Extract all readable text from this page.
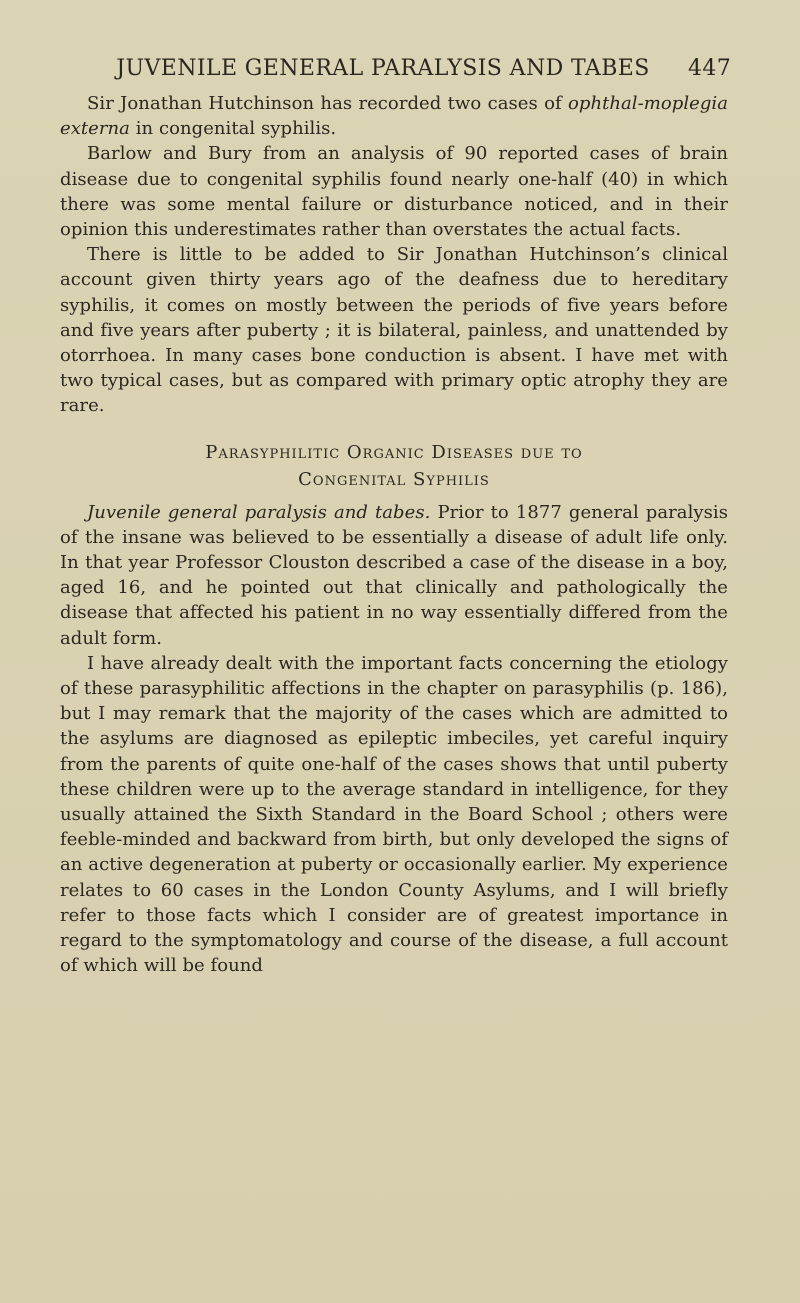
JUVENILE GENERAL PARALYSIS AND TABES	447

Sir Jonathan Hutchinson has recorded two cases of ophthal-moplegia externa in congenital syphilis.

Barlow and Bury from an analysis of 90 reported cases of brain disease due to congenital syphilis found nearly one-half (40) in which there was some mental failure or disturbance noticed, and in their opinion this underestimates rather than overstates the actual facts.

There is little to be added to Sir Jonathan Hutchinson’s clinical account given thirty years ago of the deafness due to hereditary syphilis, it comes on mostly between the periods of five years before and five years after puberty ; it is bilateral, painless, and unattended by otorrhoea. In many cases bone conduction is absent. I have met with two typical cases, but as compared with primary optic atrophy they are rare.

Parasyphilitic Organic Diseases due to
Congenital Syphilis

Juvenile general paralysis and tabes. Prior to 1877 general paralysis of the insane was believed to be essentially a disease of adult life only. In that year Professor Clouston described a case of the disease in a boy, aged 16, and he pointed out that clinically and pathologically the disease that affected his patient in no way essentially differed from the adult form.

I have already dealt with the important facts concerning the etiology of these parasyphilitic affections in the chapter on parasyphilis (p. 186), but I may remark that the majority of the cases which are admitted to the asylums are diagnosed as epileptic imbeciles, yet careful inquiry from the parents of quite one-half of the cases shows that until puberty these children were up to the average standard in intelligence, for they usually attained the Sixth Standard in the Board School ; others were feeble-minded and backward from birth, but only developed the signs of an active degeneration at puberty or occasionally earlier. My experience relates to 60 cases in the London County Asylums, and I will briefly refer to those facts which I consider are of greatest importance in regard to the symptomatology and course of the disease, a full account of which will be found
